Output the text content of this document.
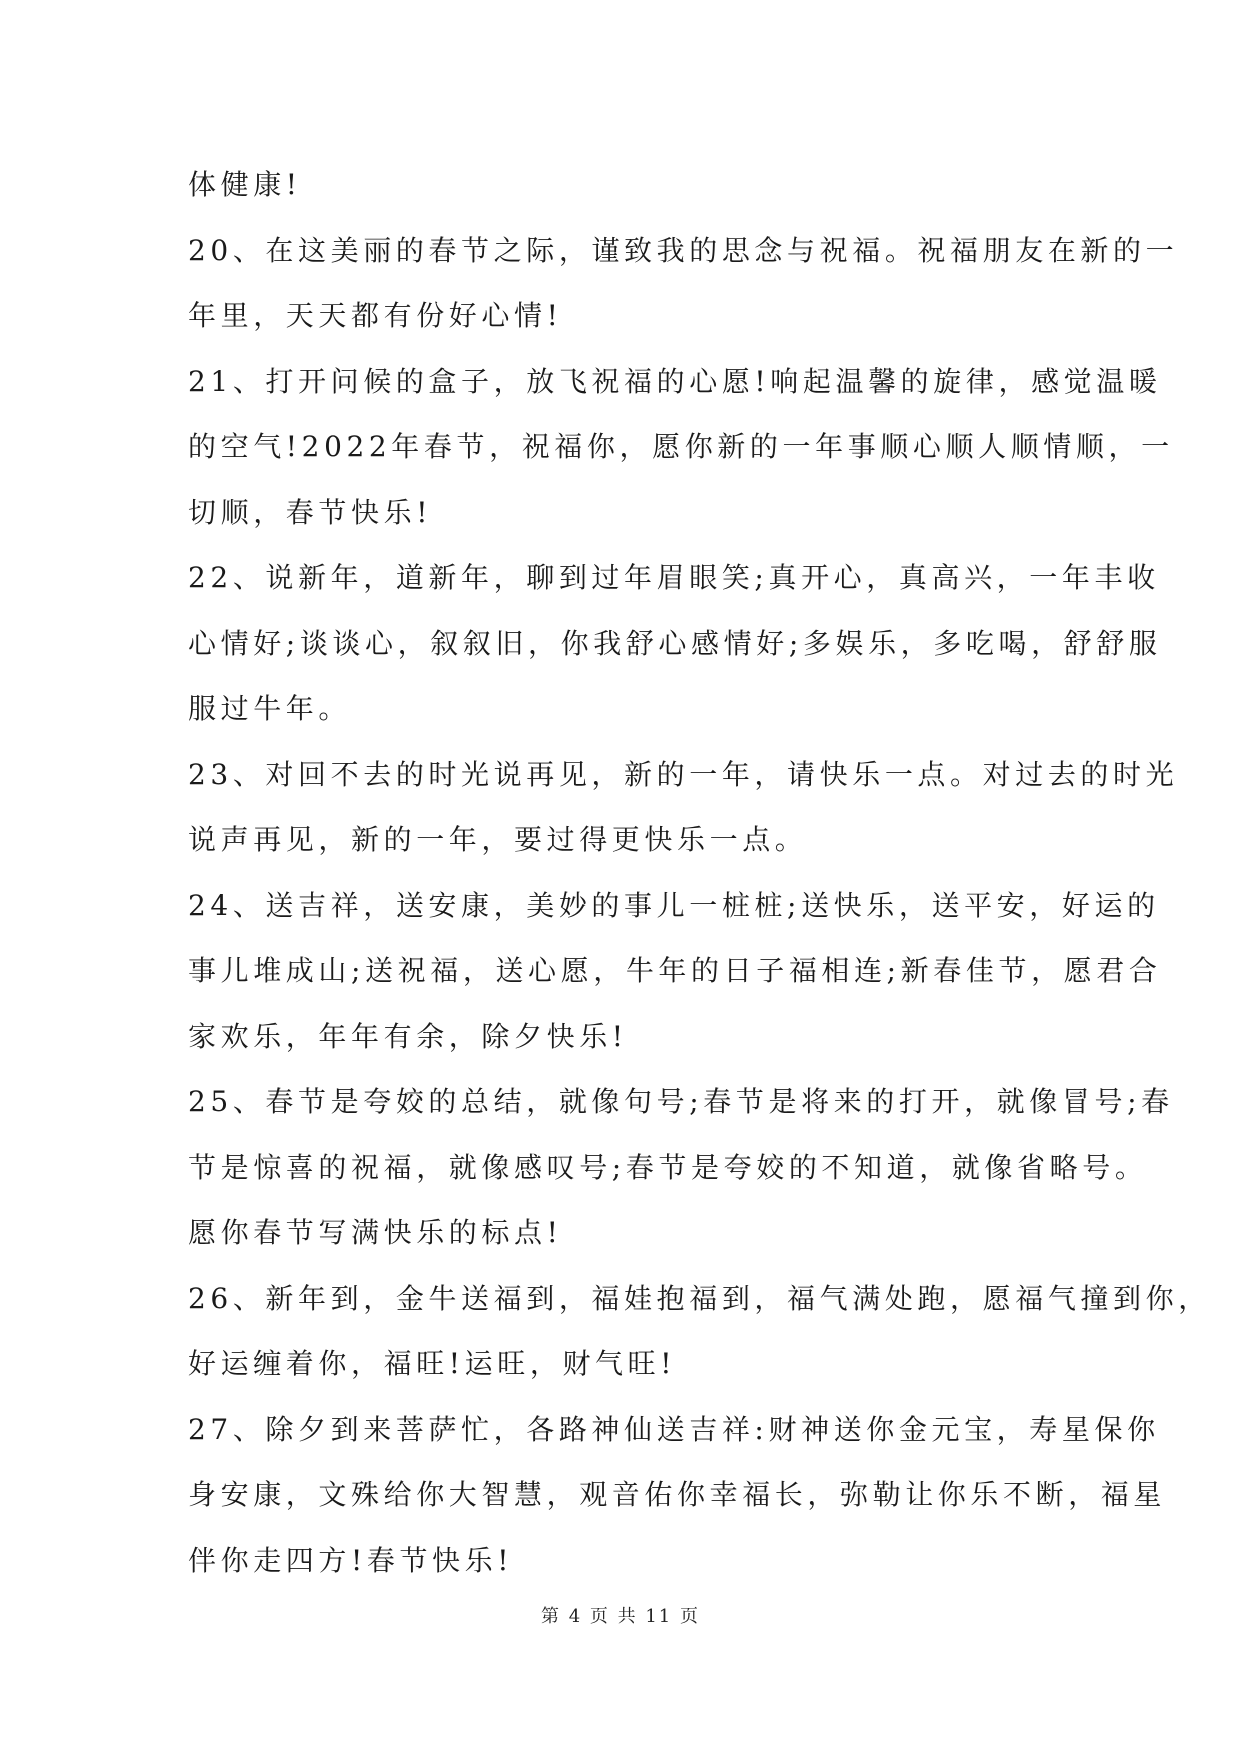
体健康!
20、在这美丽的春节之际，谨致我的思念与祝福。祝福朋友在新的一
年里，天天都有份好心情!
21、打开问候的盒子，放飞祝福的心愿!响起温馨的旋律，感觉温暖
的空气!2022年春节，祝福你，愿你新的一年事顺心顺人顺情顺，一
切顺，春节快乐!
22、说新年，道新年，聊到过年眉眼笑;真开心，真高兴，一年丰收
心情好;谈谈心，叙叙旧，你我舒心感情好;多娱乐，多吃喝，舒舒服
服过牛年。
23、对回不去的时光说再见，新的一年，请快乐一点。对过去的时光
说声再见，新的一年，要过得更快乐一点。
24、送吉祥，送安康，美妙的事儿一桩桩;送快乐，送平安，好运的
事儿堆成山;送祝福，送心愿，牛年的日子福相连;新春佳节，愿君合
家欢乐，年年有余，除夕快乐!
25、春节是夸姣的总结，就像句号;春节是将来的打开，就像冒号;春
节是惊喜的祝福，就像感叹号;春节是夸姣的不知道，就像省略号。
愿你春节写满快乐的标点!
26、新年到，金牛送福到，福娃抱福到，福气满处跑，愿福气撞到你，
好运缠着你，福旺!运旺，财气旺!
27、除夕到来菩萨忙，各路神仙送吉祥:财神送你金元宝，寿星保你
身安康，文殊给你大智慧，观音佑你幸福长，弥勒让你乐不断，福星
伴你走四方!春节快乐!
第 4 页 共 11 页
